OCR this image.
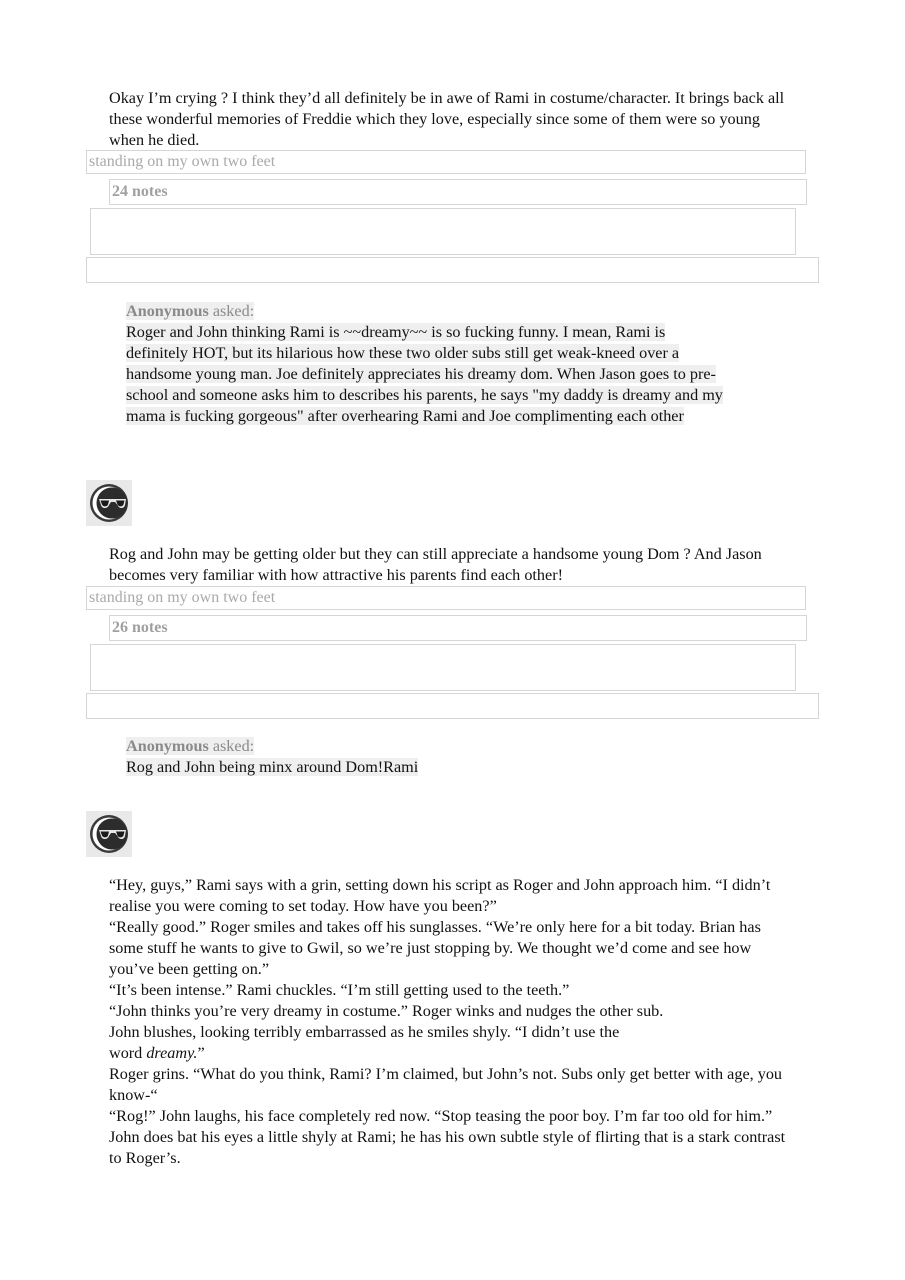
Okay I’m crying ? I think they’d all definitely be in awe of Rami in costume/character. It brings back all these wonderful memories of Freddie which they love, especially since some of them were so young when he died.

standing on my own two feet
24 notes
Anonymous asked:

Roger and John thinking Rami is ~~dreamy~~ is so fucking funny. I mean, Rami is definitely HOT, but its hilarious how these two older subs still get weak-kneed over a handsome young man. Joe definitely appreciates his dreamy dom. When Jason goes to pre-school and someone asks him to describes his parents, he says "my daddy is dreamy and my mama is fucking gorgeous" after overhearing Rami and Joe complimenting each other

Rog and John may be getting older but they can still appreciate a handsome young Dom ? And Jason becomes very familiar with how attractive his parents find each other!

standing on my own two feet
26 notes
Anonymous asked:

Rog and John being minx around Dom!Rami

“Hey, guys,” Rami says with a grin, setting down his script as Roger and John approach him. “I didn’t realise you were coming to set today. How have you been?”

“Really good.” Roger smiles and takes off his sunglasses. “We’re only here for a bit today. Brian has some stuff he wants to give to Gwil, so we’re just stopping by. We thought we’d come and see how you’ve been getting on.”

“It’s been intense.” Rami chuckles. “I’m still getting used to the teeth.”

“John thinks you’re very dreamy in costume.” Roger winks and nudges the other sub.

John blushes, looking terribly embarrassed as he smiles shyly. “I didn’t use the

word dreamy.”

Roger grins. “What do you think, Rami? I’m claimed, but John’s not. Subs only get better with age, you know-“

“Rog!” John laughs, his face completely red now. “Stop teasing the poor boy. I’m far too old for him.”

John does bat his eyes a little shyly at Rami; he has his own subtle style of flirting that is a stark contrast to Roger’s.
